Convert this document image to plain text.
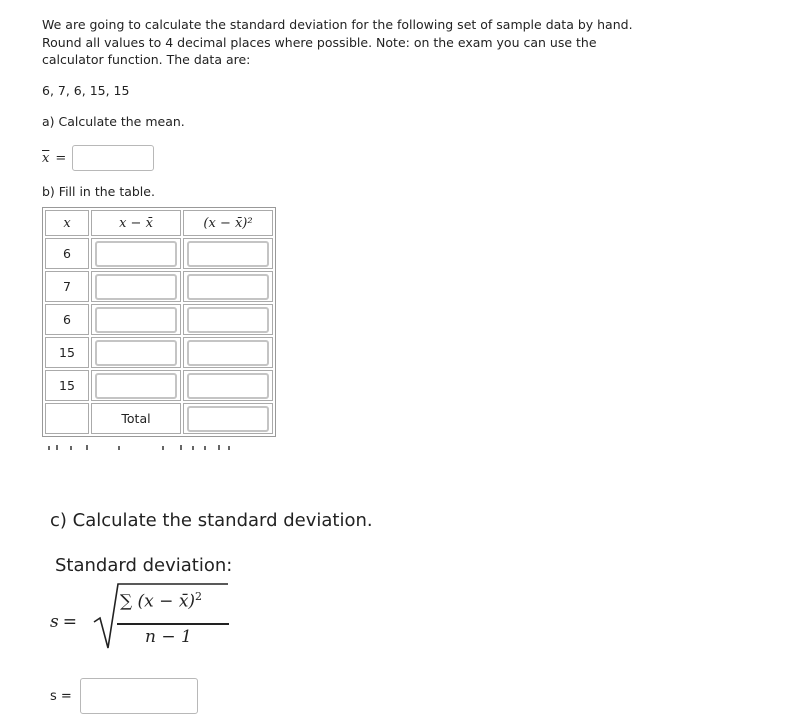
We are going to calculate the standard deviation for the following set of sample data by hand. Round all values to 4 decimal places where possible. Note: on the exam you can use the calculator function. The data are:
6, 7, 6, 15, 15
a) Calculate the mean.
$\overline{x}$ =
b) Fill in the table.
x	x − x̄	(x − x̄)²
6	

7	

6	

15	

15	

	Total	
c) Calculate the standard deviation.
Standard deviation:
s =
∑ (x − x̄)$^2$
n − 1
s =
